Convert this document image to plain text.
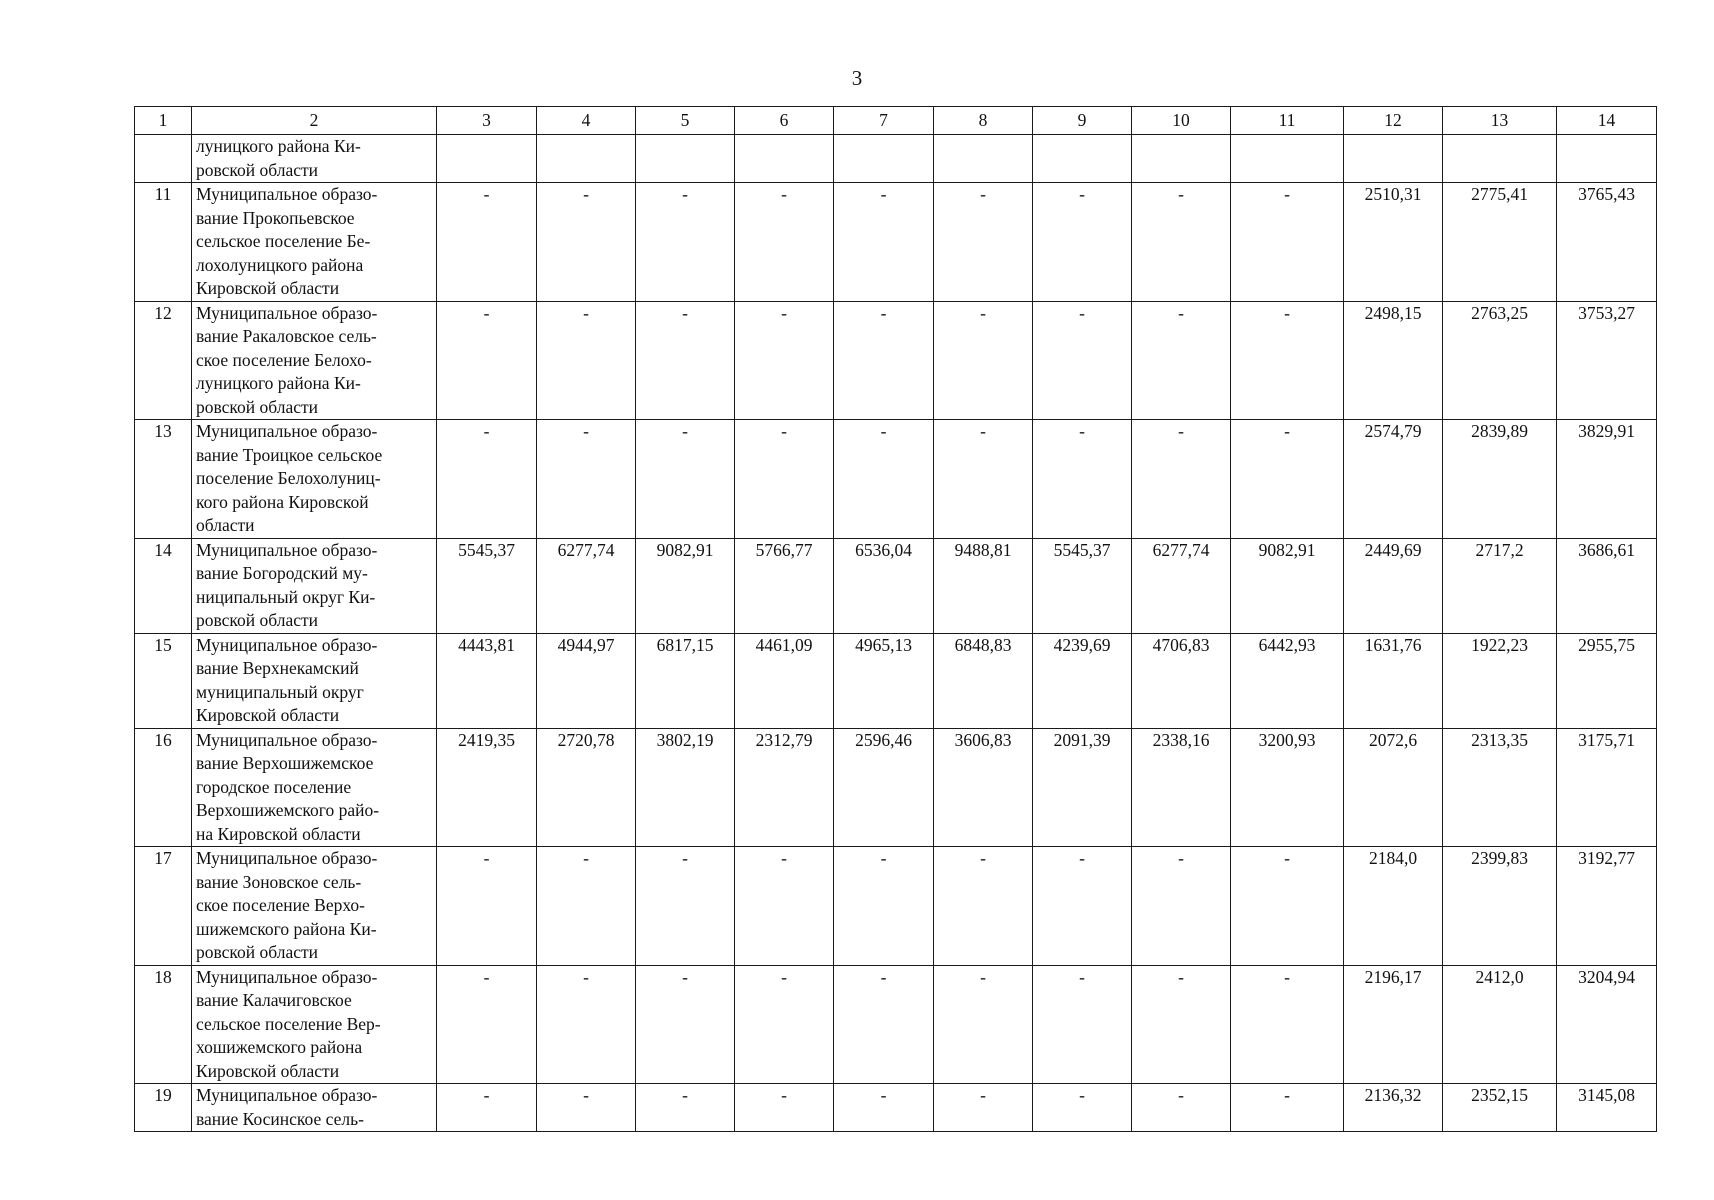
3
1	2	3	4	5	6	7	8	9	10	11	12	13	14

	луницкого района Ки-
ровской области												

11	Муниципальное образо-
вание Прокопьевское
сельское поселение Бе-
лохолуницкого района
Кировской области	-	-	-	-	-	-	-	-	-	2510,31	2775,41	3765,43
12	Муниципальное образо-
вание Ракаловское сель-
ское поселение Белохо-
луницкого района Ки-
ровской области	-	-	-	-	-	-	-	-	-	2498,15	2763,25	3753,27
13	Муниципальное образо-
вание Троицкое сельское
поселение Белохолуниц-
кого района Кировской
области	-	-	-	-	-	-	-	-	-	2574,79	2839,89	3829,91
14	Муниципальное образо-
вание Богородский му-
ниципальный округ Ки-
ровской области	5545,37	6277,74	9082,91	5766,77	6536,04	9488,81	5545,37	6277,74	9082,91	2449,69	2717,2	3686,61
15	Муниципальное образо-
вание Верхнекамский
муниципальный округ
Кировской области	4443,81	4944,97	6817,15	4461,09	4965,13	6848,83	4239,69	4706,83	6442,93	1631,76	1922,23	2955,75
16	Муниципальное образо-
вание Верхошижемское
городское поселение
Верхошижемского райо-
на Кировской области	2419,35	2720,78	3802,19	2312,79	2596,46	3606,83	2091,39	2338,16	3200,93	2072,6	2313,35	3175,71
17	Муниципальное образо-
вание Зоновское сель-
ское поселение Верхо-
шижемского района Ки-
ровской области	-	-	-	-	-	-	-	-	-	2184,0	2399,83	3192,77
18	Муниципальное образо-
вание Калачиговское
сельское поселение Вер-
хошижемского района
Кировской области	-	-	-	-	-	-	-	-	-	2196,17	2412,0	3204,94
19	Муниципальное образо-
вание Косинское сель-	-	-	-	-	-	-	-	-	-	2136,32	2352,15	3145,08
